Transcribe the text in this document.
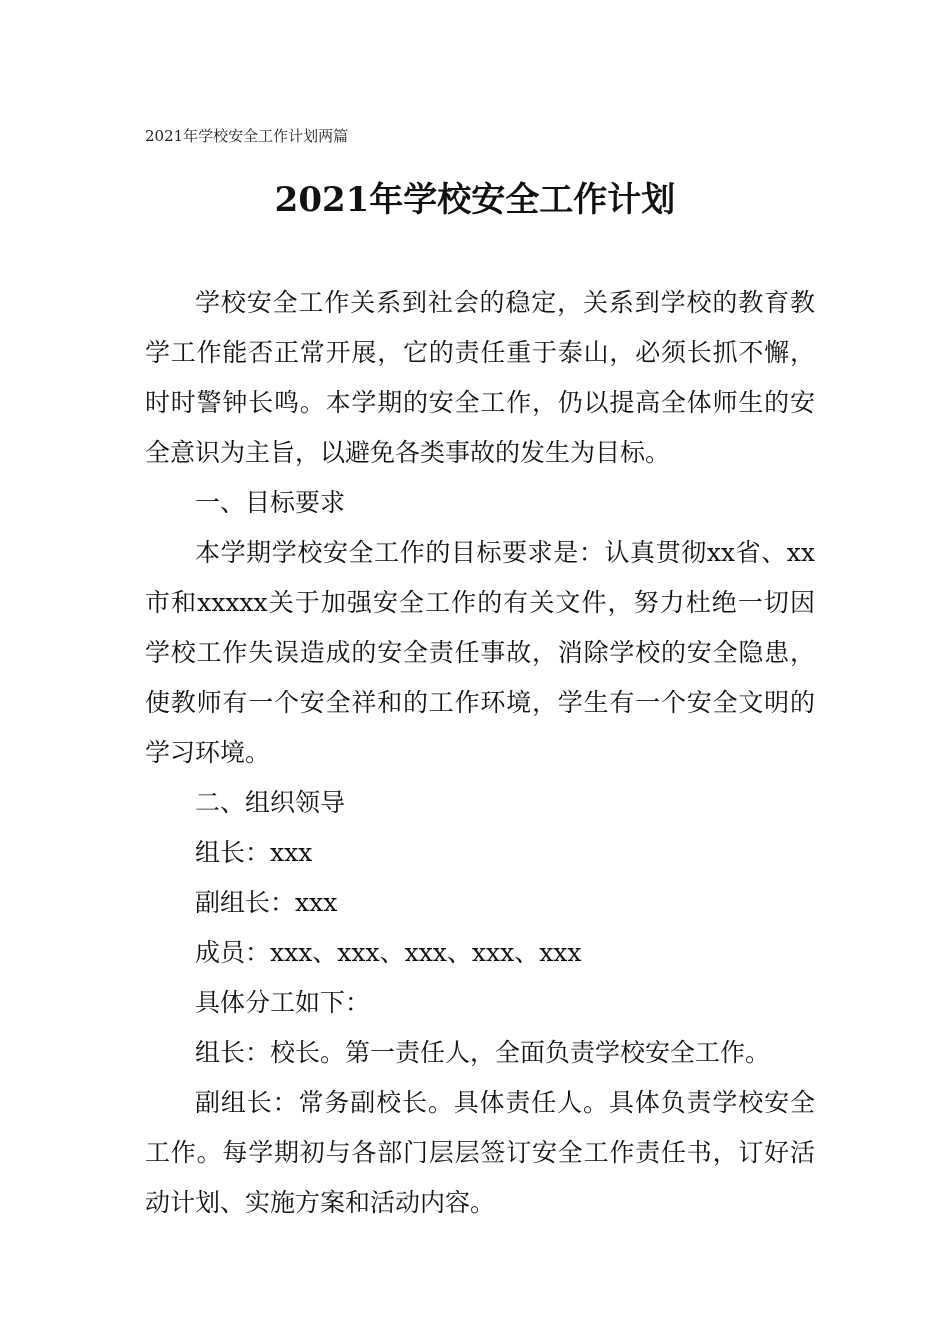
2021年学校安全工作计划两篇
2021年学校安全工作计划

学校安全工作关系到社会的稳定，关系到学校的教育教学工作能否正常开展，它的责任重于泰山，必须长抓不懈，时时警钟长鸣。本学期的安全工作，仍以提高全体师生的安全意识为主旨，以避免各类事故的发生为目标。

一、目标要求

本学期学校安全工作的目标要求是：认真贯彻xx省、xx市和xxxxx关于加强安全工作的有关文件，努力杜绝一切因学校工作失误造成的安全责任事故，消除学校的安全隐患，使教师有一个安全祥和的工作环境，学生有一个安全文明的学习环境。

二、组织领导

组长：xxx

副组长：xxx

成员：xxx、xxx、xxx、xxx、xxx

具体分工如下：

组长：校长。第一责任人，全面负责学校安全工作。

副组长：常务副校长。具体责任人。具体负责学校安全工作。每学期初与各部门层层签订安全工作责任书，订好活动计划、实施方案和活动内容。
